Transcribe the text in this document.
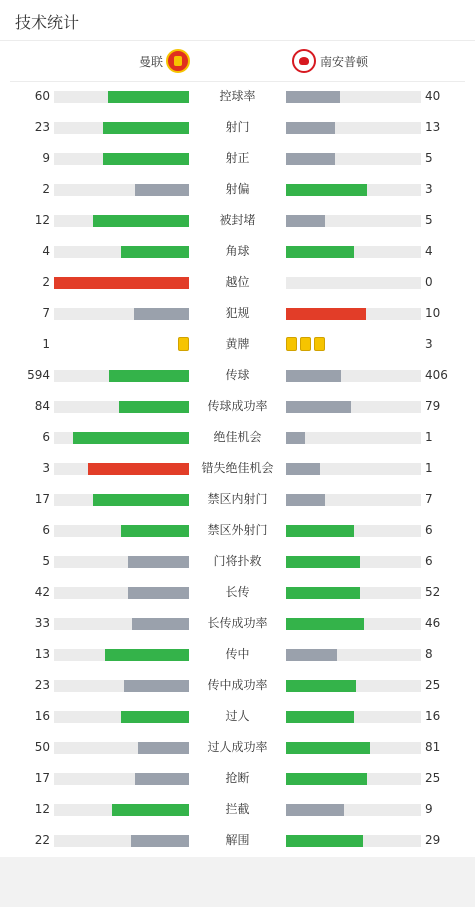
技术统计
曼联	南安普顿
60	控球率	40
23	射门	13
9	射正	5
2	射偏	3
12	被封堵	5
4	角球	4
2	越位	0
7	犯规	10
1	黄牌	3
594	传球	406
84	传球成功率	79
6	绝佳机会	1
3	错失绝佳机会	1
17	禁区内射门	7
6	禁区外射门	6
5	门将扑救	6
42	长传	52
33	长传成功率	46
13	传中	8
23	传中成功率	25
16	过人	16
50	过人成功率	81
17	抢断	25
12	拦截	9
22	解围	29
